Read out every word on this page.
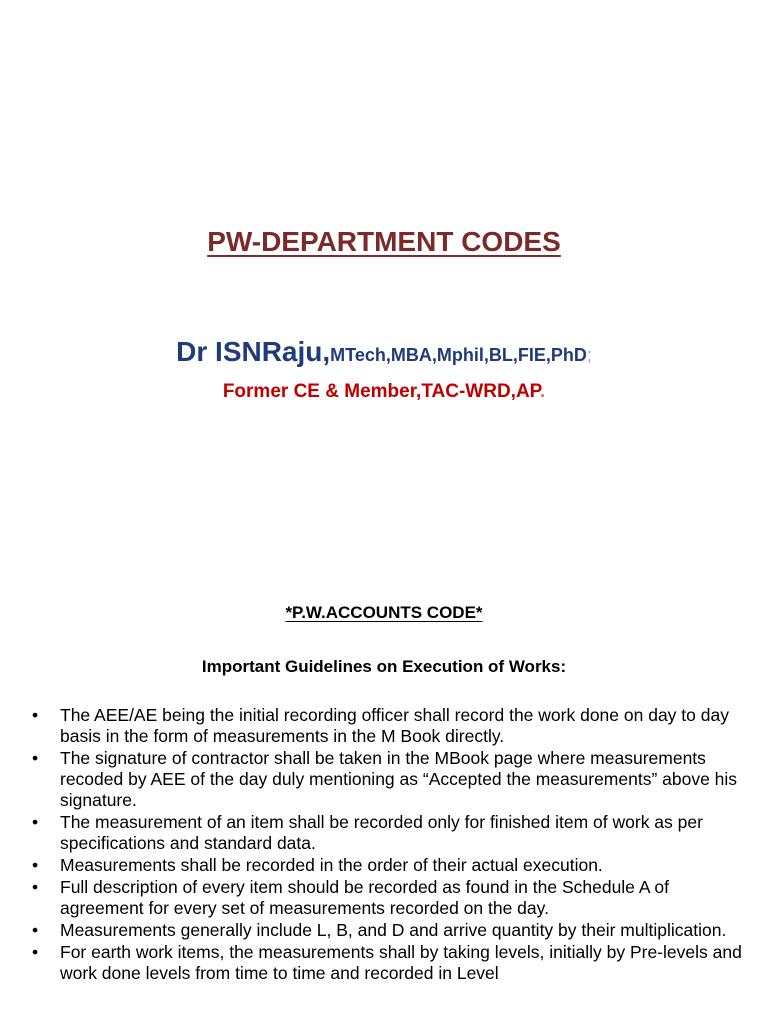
PW-DEPARTMENT CODES
Dr ISNRaju,MTech,MBA,Mphil,BL,FIE,PhD;
Former CE & Member,TAC-WRD,AP.
*P.W.ACCOUNTS CODE*
Important Guidelines on Execution of Works:
•	The AEE/AE being the initial recording officer shall record the work done on day to day basis in the form of measurements in the M Book directly.
•	The signature of contractor shall be taken in the MBook page where measurements recoded by AEE of the day duly mentioning as “Accepted the measurements” above his signature.
•	The measurement of an item shall be recorded only for finished item of work as per specifications and standard data.
•	Measurements shall be recorded in the order of their actual execution.
•	Full description of every item should be recorded as found in the Schedule A of agreement for every set of measurements recorded on the day.
•	Measurements generally include L, B, and D and arrive quantity by their multiplication.
•	For earth work items, the measurements shall by taking levels, initially by Pre-levels and work done levels from time to time and recorded in Level
